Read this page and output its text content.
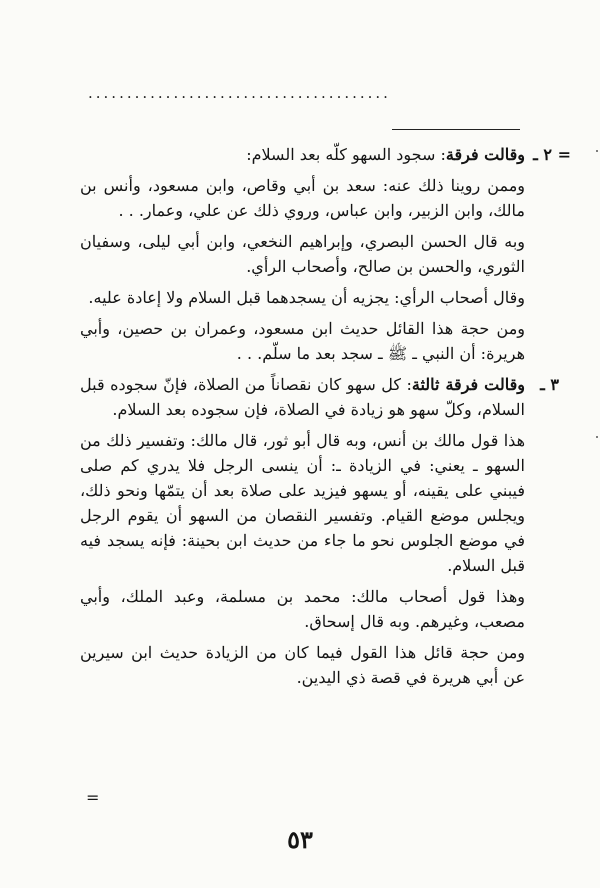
.......................................

= ٢ ـ
وقالت فرقة: سجود السهو كلّه بعد السلام:

وممن روينا ذلك عنه: سعد بن أبي وقاص، وابن مسعود، وأنس بن مالك، وابن الزبير، وابن عباس، وروي ذلك عن علي، وعمار. . .

وبه قال الحسن البصري، وإبراهيم النخعي، وابن أبي ليلى، وسفيان الثوري، والحسن بن صالح، وأصحاب الرأي.

وقال أصحاب الرأي: يجزيه أن يسجدهما قبل السلام ولا إعادة عليه.

ومن حجة هذا القائل حديث ابن مسعود، وعمران بن حصين، وأبي هريرة: أن النبي ـ ﷺ ـ سجد بعد ما سلّم. . .

٣ ـ
وقالت فرقة ثالثة: كل سهو كان نقصاناً من الصلاة، فإنّ سجوده قبل السلام، وكلّ سهو هو زيادة في الصلاة، فإن سجوده بعد السلام.

هذا قول مالك بن أنس، وبه قال أبو ثور، قال مالك: وتفسير ذلك من السهو ـ يعني: في الزيادة ـ: أن ينسى الرجل فلا يدري كم صلى فيبني على يقينه، أو يسهو فيزيد على صلاة بعد أن يتمّها ونحو ذلك، ويجلس موضع القيام. وتفسير النقصان من السهو أن يقوم الرجل في موضع الجلوس نحو ما جاء من حديث ابن بحينة: فإنه يسجد فيه قبل السلام.

وهذا قول أصحاب مالك: محمد بن مسلمة، وعبد الملك، وأبي مصعب، وغيرهم. وبه قال إسحاق.

ومن حجة قائل هذا القول فيما كان من الزيادة حديث ابن سيرين عن أبي هريرة في قصة ذي اليدين.

=
٥٣
